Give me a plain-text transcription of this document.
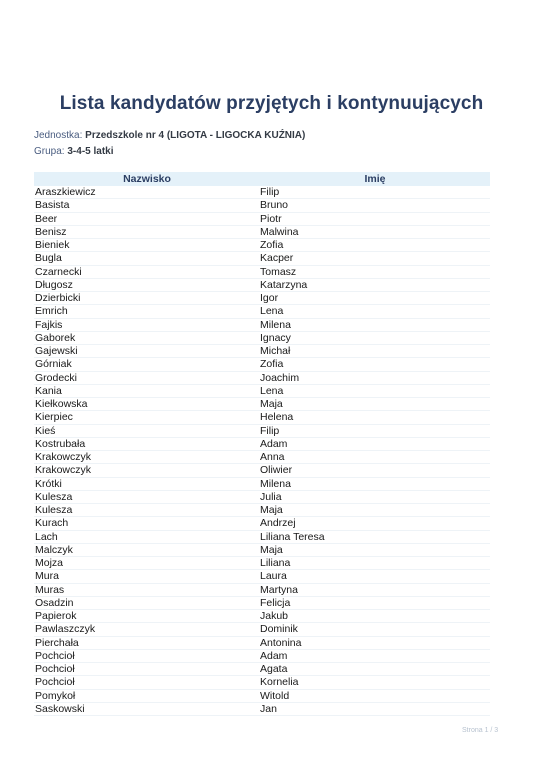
Lista kandydatów przyjętych i kontynuujących
Jednostka: Przedszkole nr 4 (LIGOTA - LIGOCKA KUŹNIA)
Grupa: 3-4-5 latki
Nazwisko	Imię
Araszkiewicz	Filip
Basista	Bruno
Beer	Piotr
Benisz	Malwina
Bieniek	Zofia
Bugla	Kacper
Czarnecki	Tomasz
Długosz	Katarzyna
Dzierbicki	Igor
Emrich	Lena
Fajkis	Milena
Gaborek	Ignacy
Gajewski	Michał
Górniak	Zofia
Grodecki	Joachim
Kania	Lena
Kiełkowska	Maja
Kierpiec	Helena
Kieś	Filip
Kostrubała	Adam
Krakowczyk	Anna
Krakowczyk	Oliwier
Krótki	Milena
Kulesza	Julia
Kulesza	Maja
Kurach	Andrzej
Lach	Liliana Teresa
Malczyk	Maja
Mojza	Liliana
Mura	Laura
Muras	Martyna
Osadzin	Felicja
Papierok	Jakub
Pawlaszczyk	Dominik
Pierchała	Antonina
Pochcioł	Adam
Pochcioł	Agata
Pochcioł	Kornelia
Pomykoł	Witold
Saskowski	Jan
Strona 1 / 3
